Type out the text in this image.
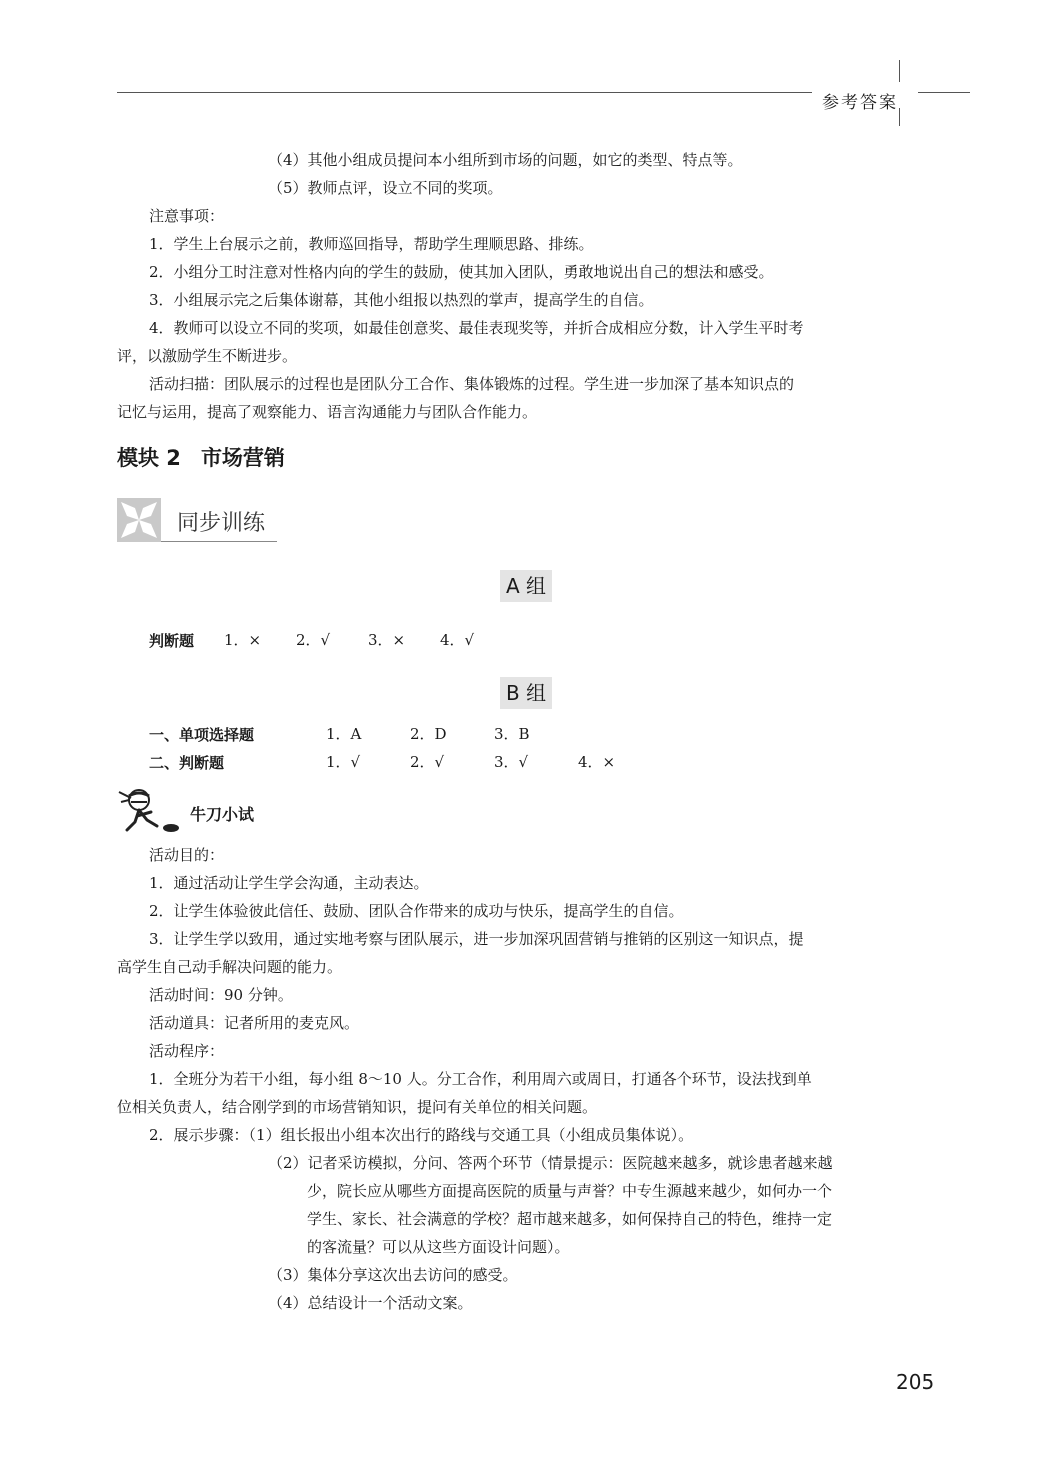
参考答案
（4）其他小组成员提问本小组所到市场的问题，如它的类型、特点等。
（5）教师点评，设立不同的奖项。
注意事项：
1．学生上台展示之前，教师巡回指导，帮助学生理顺思路、排练。
2．小组分工时注意对性格内向的学生的鼓励，使其加入团队，勇敢地说出自己的想法和感受。
3．小组展示完之后集体谢幕，其他小组报以热烈的掌声，提高学生的自信。
4．教师可以设立不同的奖项，如最佳创意奖、最佳表现奖等，并折合成相应分数，计入学生平时考
评，以激励学生不断进步。
活动扫描：团队展示的过程也是团队分工合作、集体锻炼的过程。学生进一步加深了基本知识点的
记忆与运用，提高了观察能力、语言沟通能力与团队合作能力。
模块 2 市场营销
同步训练
A 组
判断题 1．× 2．√	3．× 4．√
B 组
一、单项选择题	1．A	2．D	3．B
二、判断题	1．√	2．√	3．√	4．×
牛刀小试
活动目的：
1．通过活动让学生学会沟通，主动表达。
2．让学生体验彼此信任、鼓励、团队合作带来的成功与快乐，提高学生的自信。
3．让学生学以致用，通过实地考察与团队展示，进一步加深巩固营销与推销的区别这一知识点，提
高学生自己动手解决问题的能力。
活动时间：90 分钟。
活动道具：记者所用的麦克风。
活动程序：
1．全班分为若干小组，每小组 8～10 人。分工合作，利用周六或周日，打通各个环节，设法找到单
位相关负责人，结合刚学到的市场营销知识，提问有关单位的相关问题。
2．展示步骤：（1）组长报出小组本次出行的路线与交通工具（小组成员集体说）。
（2）记者采访模拟，分问、答两个环节（情景提示：医院越来越多，就诊患者越来越
少，院长应从哪些方面提高医院的质量与声誉？中专生源越来越少，如何办一个
学生、家长、社会满意的学校？超市越来越多，如何保持自己的特色，维持一定
的客流量？可以从这些方面设计问题）。
（3）集体分享这次出去访问的感受。
（4）总结设计一个活动文案。
205
